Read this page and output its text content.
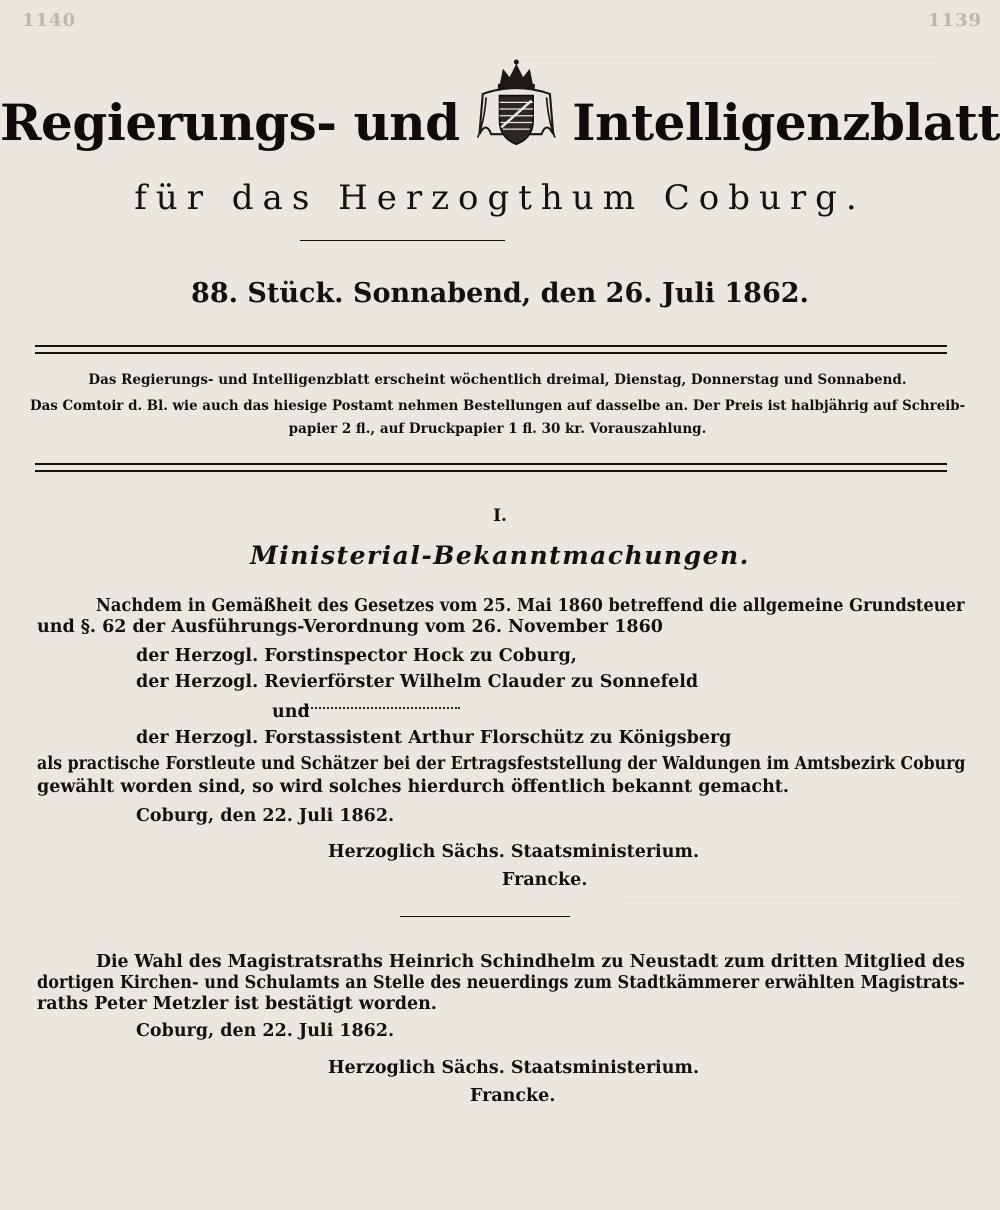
1140	1139
Regierungs- und Intelligenzblatt
für das Herzogthum Coburg.
88. Stück. Sonnabend, den 26. Juli 1862.
Das Regierungs- und Intelligenzblatt erscheint wöchentlich dreimal, Dienstag, Donnerstag und Sonnabend.
Das Comtoir d. Bl. wie auch das hiesige Postamt nehmen Bestellungen auf dasselbe an. Der Preis ist halbjährig auf Schreib-
papier 2 fl., auf Druckpapier 1 fl. 30 kr. Vorauszahlung.
I.
Ministerial-Bekanntmachungen.
Nachdem in Gemäßheit des Gesetzes vom 25. Mai 1860 betreffend die allgemeine Grundsteuer
und §. 62 der Ausführungs-Verordnung vom 26. November 1860
der Herzogl. Forstinspector Hock zu Coburg,
der Herzogl. Revierförster Wilhelm Clauder zu Sonnefeld
und
der Herzogl. Forstassistent Arthur Florschütz zu Königsberg
als practische Forstleute und Schätzer bei der Ertragsfeststellung der Waldungen im Amtsbezirk Coburg
gewählt worden sind, so wird solches hierdurch öffentlich bekannt gemacht.
Coburg, den 22. Juli 1862.
Herzoglich Sächs. Staatsministerium.
Francke.
Die Wahl des Magistratsraths Heinrich Schindhelm zu Neustadt zum dritten Mitglied des
dortigen Kirchen- und Schulamts an Stelle des neuerdings zum Stadtkämmerer erwählten Magistrats-
raths Peter Metzler ist bestätigt worden.
Coburg, den 22. Juli 1862.
Herzoglich Sächs. Staatsministerium.
Francke.
